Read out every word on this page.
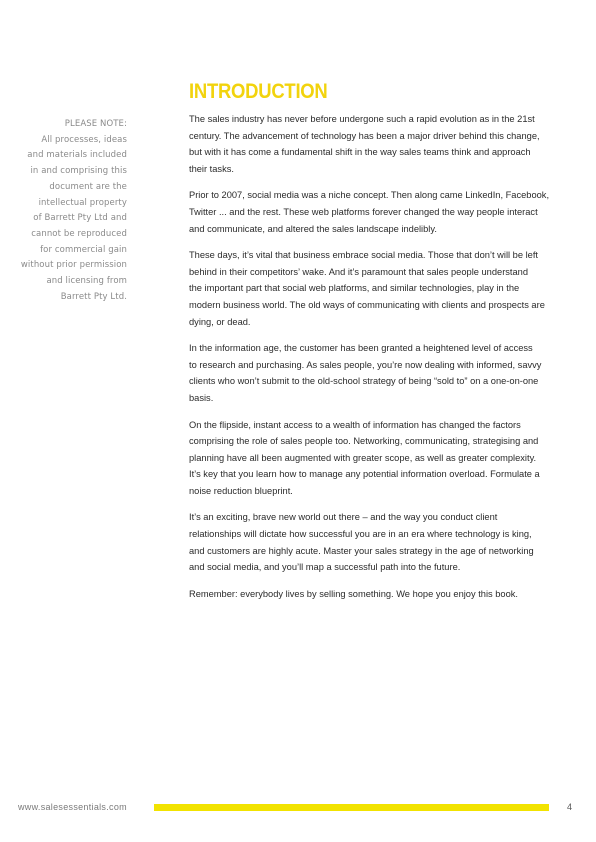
PLEASE NOTE:
All processes, ideas
and materials included
in and comprising this
document are the
intellectual property
of Barrett Pty Ltd and
cannot be reproduced
for commercial gain
without prior permission
and licensing from
Barrett Pty Ltd.
INTRODUCTION

The sales industry has never before undergone such a rapid evolution as in the 21st
century. The advancement of technology has been a major driver behind this change,
but with it has come a fundamental shift in the way sales teams think and approach
their tasks.

Prior to 2007, social media was a niche concept. Then along came LinkedIn, Facebook,
Twitter ... and the rest. These web platforms forever changed the way people interact
and communicate, and altered the sales landscape indelibly.

These days, it’s vital that business embrace social media. Those that don’t will be left
behind in their competitors’ wake. And it’s paramount that sales people understand
the important part that social web platforms, and similar technologies, play in the
modern business world. The old ways of communicating with clients and prospects are
dying, or dead.

In the information age, the customer has been granted a heightened level of access
to research and purchasing. As sales people, you’re now dealing with informed, savvy
clients who won’t submit to the old-school strategy of being “sold to” on a one-on-one
basis.

On the flipside, instant access to a wealth of information has changed the factors
comprising the role of sales people too. Networking, communicating, strategising and
planning have all been augmented with greater scope, as well as greater complexity.
It’s key that you learn how to manage any potential information overload. Formulate a
noise reduction blueprint.

It’s an exciting, brave new world out there – and the way you conduct client
relationships will dictate how successful you are in an era where technology is king,
and customers are highly acute. Master your sales strategy in the age of networking
and social media, and you’ll map a successful path into the future.

Remember: everybody lives by selling something. We hope you enjoy this book.

www.salesessentials.com	4
